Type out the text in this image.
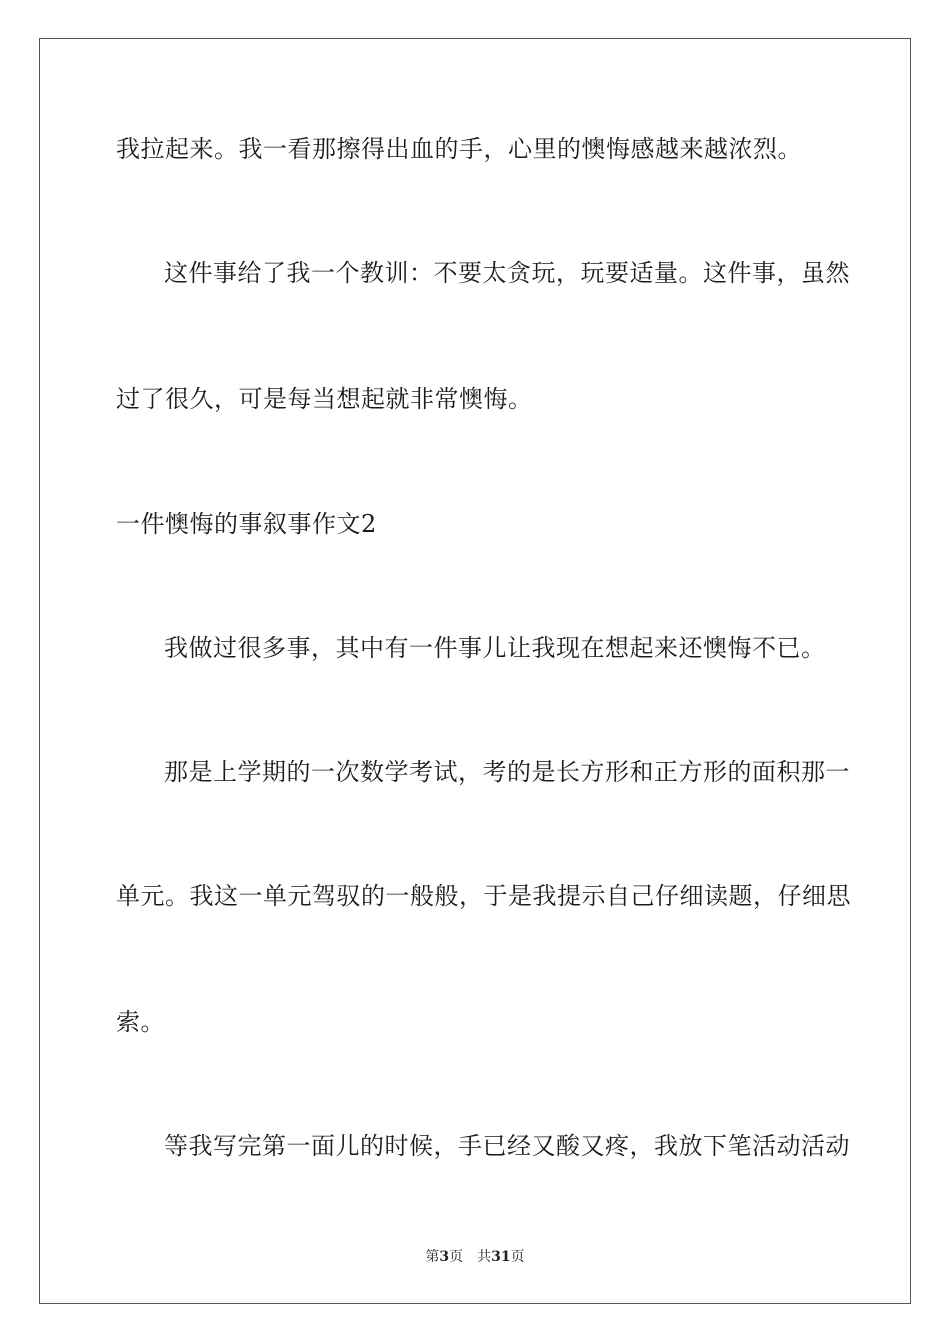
我拉起来。我一看那擦得出血的手，心里的懊悔感越来越浓烈。
这件事给了我一个教训：不要太贪玩，玩要适量。这件事，虽然
过了很久，可是每当想起就非常懊悔。
一件懊悔的事叙事作文2
我做过很多事，其中有一件事儿让我现在想起来还懊悔不已。
那是上学期的一次数学考试，考的是长方形和正方形的面积那一
单元。我这一单元驾驭的一般般，于是我提示自己仔细读题，仔细思
索。
等我写完第一面儿的时候，手已经又酸又疼，我放下笔活动活动
第3页 共31页
